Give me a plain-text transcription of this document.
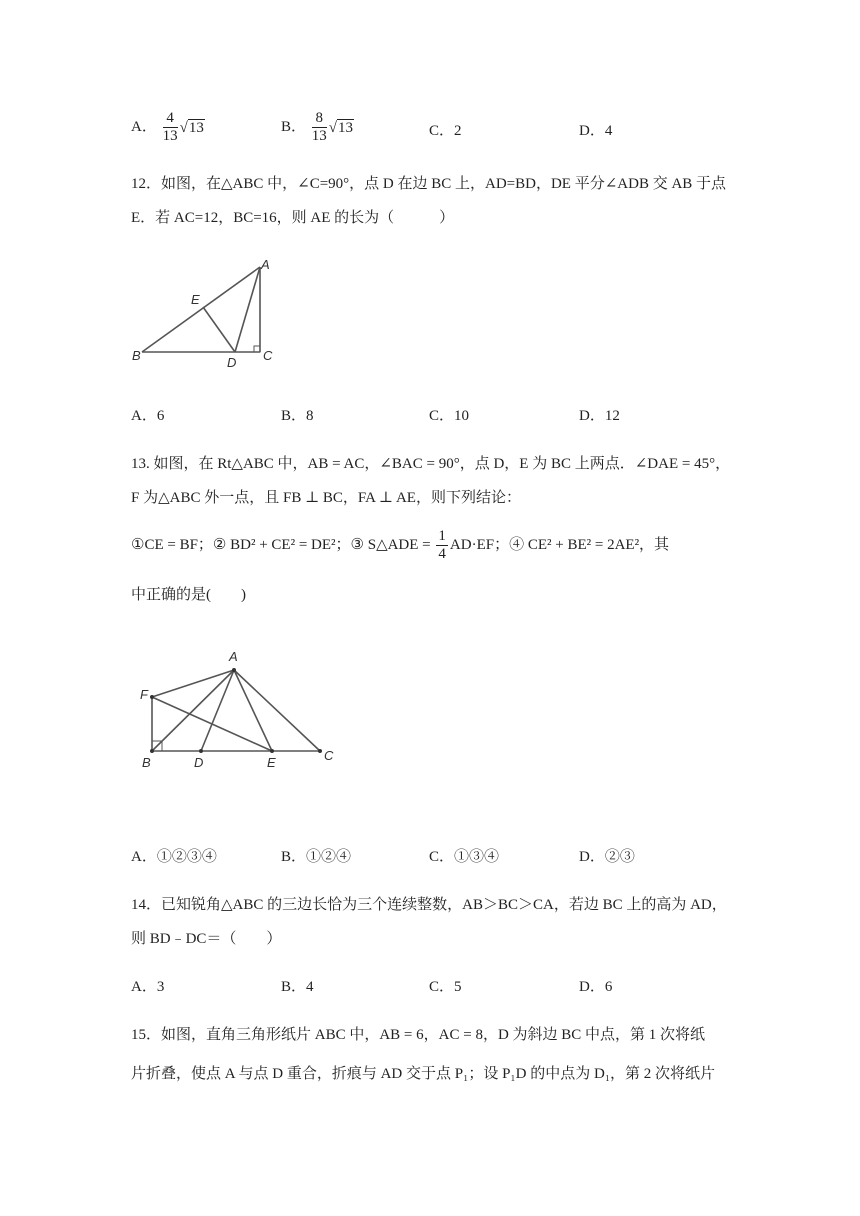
A． $\frac{4}{13} √13$	B． $\frac{8}{13} √13$	C．2	D．4
12．如图，在△ABC 中，∠C=90°，点 D 在边 BC 上，AD=BD，DE 平分∠ADB 交 AB 于点
E．若 AC=12，BC=16，则 AE 的长为（　　　）
A
E
B	D C
A．6	B．8	C．10	D．12
13. 如图，在 Rt△ABC 中，AB = AC，∠BAC = 90°，点 D，E 为 BC 上两点．∠DAE = 45°，
F 为△ABC 外一点，且 FB ⊥ BC，FA ⊥ AE，则下列结论：
①CE = BF；② BD² + CE² = DE²；③ S△ADE = $\frac{1}{4} AD\cdot EF$；④ CE² + BE² = 2AE²，其
中正确的是(　　)
A
F
B	D	E	C
A．①②③④	B．①②④	C．①③④	D．②③
14．已知锐角△ABC 的三边长恰为三个连续整数，AB＞BC＞CA，若边 BC 上的高为 AD，
则 BD﹣DC＝（　　）
A．3	B．4	C．5	D．6
15．如图，直角三角形纸片 ABC 中，AB = 6，AC = 8，D 为斜边 BC 中点，第 1 次将纸
片折叠，使点 A 与点 D 重合，折痕与 AD 交于点 P₁；设 P₁D 的中点为 D₁，第 2 次将纸片
